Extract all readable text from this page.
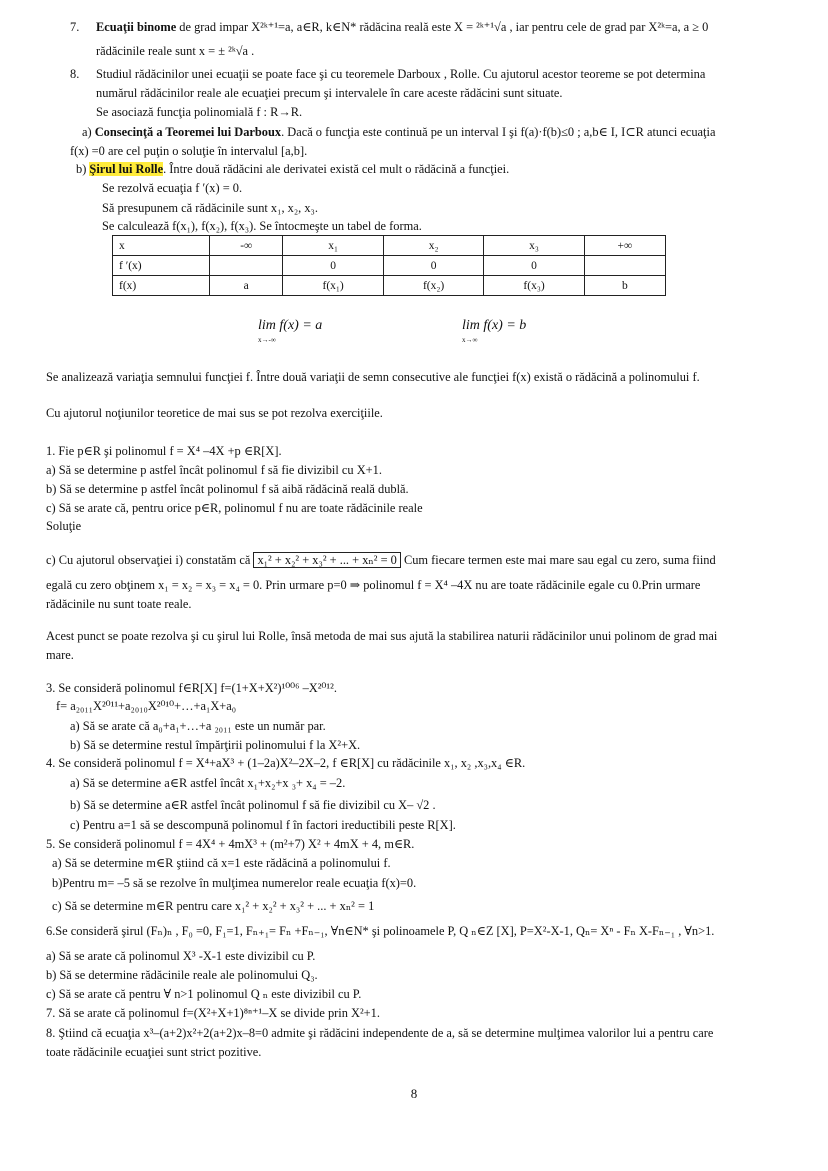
7. Ecuaţii binome de grad impar X²ᵏ⁺¹=a, a∈R, k∈N* rădăcina reală este X = ²ᵏ⁺¹√a , iar pentru cele de grad par X²ᵏ=a, a ≥ 0
rădăcinile reale sunt x = ± ²ᵏ√a .
8. Studiul rădăcinilor unei ecuaţii se poate face şi cu teoremele Darboux , Rolle. Cu ajutorul acestor teoreme se pot determina
numărul rădăcinilor reale ale ecuaţiei precum şi intervalele în care aceste rădăcini sunt situate.
Se asociază funcţia polinomială f : R→R.
a) Consecinţă a Teoremei lui Darboux. Dacă o funcţia este continuă pe un interval I şi f(a)·f(b)≤0 ; a,b∈ I, I⊂R atunci ecuaţia
f(x) =0 are cel puţin o soluţie în intervalul [a,b].
b) Şirul lui Rolle. Între două rădăcini ale derivatei există cel mult o rădăcină a funcţiei.
Se rezolvă ecuaţia f ′(x) = 0.
Să presupunem că rădăcinile sunt x₁, x₂, x₃.
Se calculează f(x₁), f(x₂), f(x₃). Se întocmeşte un tabel de forma.
x	-∞	x₁	x₂	x₃	+∞
f ′(x)		0	0	0	
f(x)	a	f(x₁)	f(x₂)	f(x₃)	b
lim f(x) = a
x→-∞
lim f(x) = b
x→∞
Se analizează variaţia semnului funcţiei f. Între două variaţii de semn consecutive ale funcţiei f(x) există o rădăcină a polinomului f.
Cu ajutorul noţiunilor teoretice de mai sus se pot rezolva exerciţiile.
1. Fie p∈R şi polinomul f = X⁴ –4X +p ∈R[X].
a) Să se determine p astfel încât polinomul f să fie divizibil cu X+1.
b) Să se determine p astfel încât polinomul f să aibă rădăcină reală dublă.
c) Să se arate că, pentru orice p∈R, polinomul f nu are toate rădăcinile reale
Soluţie
c) Cu ajutorul observaţiei i) constatăm că x₁² + x₂² + x₃² + ... + xₙ² = 0 Cum fiecare termen este mai mare sau egal cu zero, suma fiind
egală cu zero obţinem x₁ = x₂ = x₃ = x₄ = 0. Prin urmare p=0 ⇒ polinomul f = X⁴ –4X nu are toate rădăcinile egale cu 0.Prin urmare
rădăcinile nu sunt toate reale.
Acest punct se poate rezolva şi cu şirul lui Rolle, însă metoda de mai sus ajută la stabilirea naturii rădăcinilor unui polinom de grad mai
mare.
3. Se consideră polinomul f∈R[X] f=(1+X+X²)¹⁰⁰⁶ –X²⁰¹².
f= a₂₀₁₁X²⁰¹¹+a₂₀₁₀X²⁰¹⁰+…+a₁X+a₀
a) Să se arate că a₀+a₁+…+a ₂₀₁₁ este un număr par.
b) Să se determine restul împărţirii polinomului f la X²+X.
4. Se consideră polinomul f = X⁴+aX³ + (1–2a)X²–2X–2, f ∈R[X] cu rădăcinile x₁, x₂ ,x₃,x₄ ∈R.
a) Să se determine a∈R astfel încât x₁+x₂+x ₃+ x₄ = –2.
b) Să se determine a∈R astfel încât polinomul f să fie divizibil cu X– √2 .
c) Pentru a=1 să se descompună polinomul f în factori ireductibili peste R[X].
5. Se consideră polinomul f = 4X⁴ + 4mX³ + (m²+7) X² + 4mX + 4, m∈R.
a) Să se determine m∈R ştiind că x=1 este rădăcină a polinomului f.
b)Pentru m= –5 să se rezolve în mulţimea numerelor reale ecuaţia f(x)=0.
c) Să se determine m∈R pentru care x₁² + x₂² + x₃² + ... + xₙ² = 1
6.Se consideră şirul (Fₙ)ₙ , F₀ =0, F₁=1, Fₙ₊₁= Fₙ +Fₙ₋₁, ∀n∈N* şi polinoamele P, Q ₙ∈Z [X], P=X²-X-1, Qₙ= Xⁿ - Fₙ X-Fₙ₋₁ , ∀n>1.
a) Să se arate că polinomul X³ -X-1 este divizibil cu P.
b) Să se determine rădăcinile reale ale polinomului Q₃.
c) Să se arate că pentru ∀ n>1 polinomul Q ₙ este divizibil cu P.
7. Să se arate că polinomul f=(X²+X+1)⁸ⁿ⁺¹–X se divide prin X²+1.
8. Ştiind că ecuaţia x³–(a+2)x²+2(a+2)x–8=0 admite şi rădăcini independente de a, să se determine mulţimea valorilor lui a pentru care
toate rădăcinile ecuaţiei sunt strict pozitive.
8
